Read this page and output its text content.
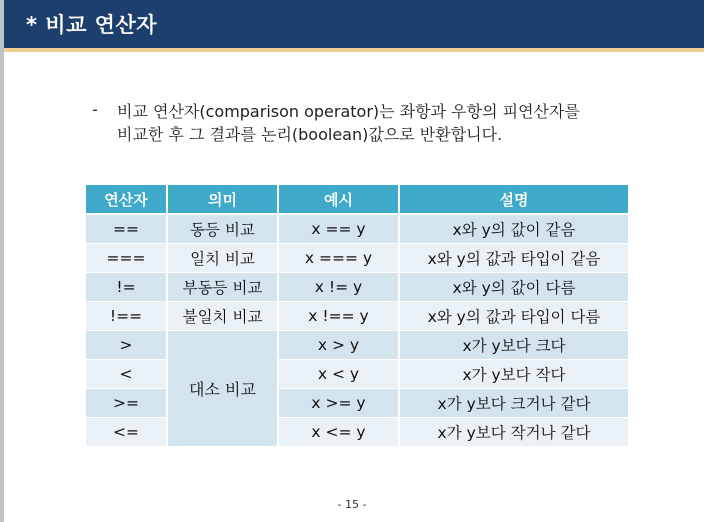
* 비교 연산자
- 비교 연산자(comparison operator)는 좌항과 우항의 피연산자를
비교한 후 그 결과를 논리(boolean)값으로 반환합니다.
연산자	의미	예시	설명
==	동등 비교	x == y	x와 y의 값이 같음
===	일치 비교	x === y	x와 y의 값과 타입이 같음
!=	부동등 비교	x != y	x와 y의 값이 다름
!==	불일치 비교	x !== y	x와 y의 값과 타입이 다름
>	대소 비교	x > y	x가 y보다 크다
<		x < y	x가 y보다 작다
>=		x >= y	x가 y보다 크거나 같다
<=		x <= y	x가 y보다 작거나 같다
- 15 -
